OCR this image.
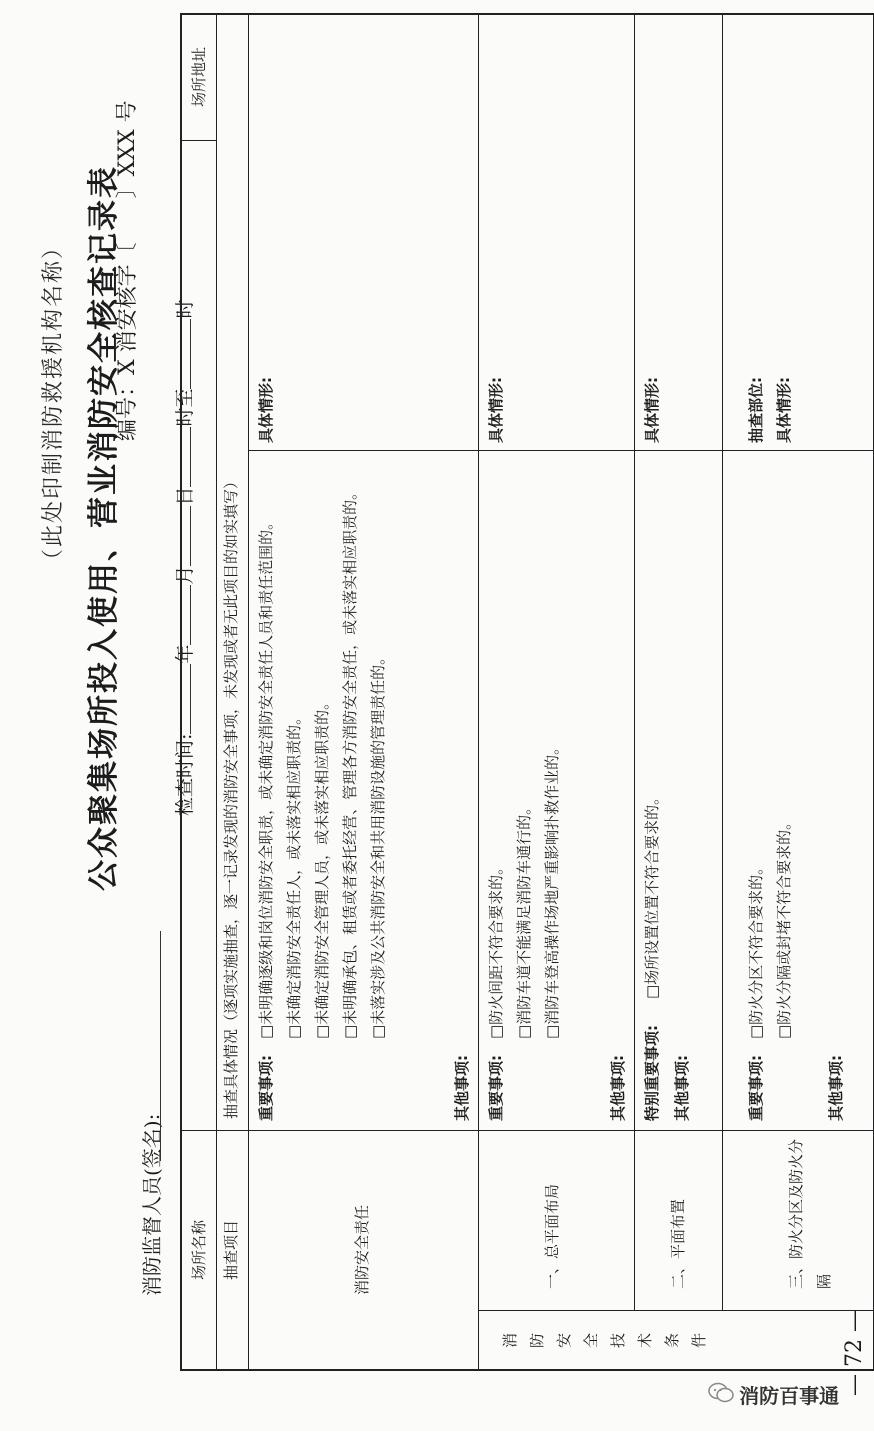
（此处印制消防救援机构名称） 公众聚集场所投入使用、营业消防安全核查记录表
消防监督人员(签名):
编号：X 消安核字〔　　〕XXX 号
检查时间:年月日时至时
场所名称
场所地址
抽查项目
抽查具体情况（逐项实施抽查，逐一记录发现的消防安全事项，未发现或者无此项目的如实填写）
消防安全责任
重要事项:
□未明确逐级和岗位消防安全职责，或未确定消防安全责任人员和责任范围的。 □未确定消防安全责任人，或未落实相应职责的。 □未确定消防安全管理人员，或未落实相应职责的。 □未明确承包、租赁或者委托经营、管理各方消防安全责任，或未落实相应职责的。 □未落实涉及公共消防安全和共用消防设施的管理责任的。
其他事项:
具体情形:
消防安全技术条件
一、总平面布局
重要事项:
□防火间距不符合要求的。 □消防车道不能满足消防车通行的。 □消防车登高操作场地严重影响扑救作业的。
其他事项:
具体情形:
二、平面布置
特别重要事项:
□场所设置位置不符合要求的。
其他事项:
具体情形:
三、防火分区及防火分隔
重要事项:
□防火分区不符合要求的。 □防火分隔或封堵不符合要求的。
其他事项:
抽查部位: 具体情形:
— 72 —
消防百事通
